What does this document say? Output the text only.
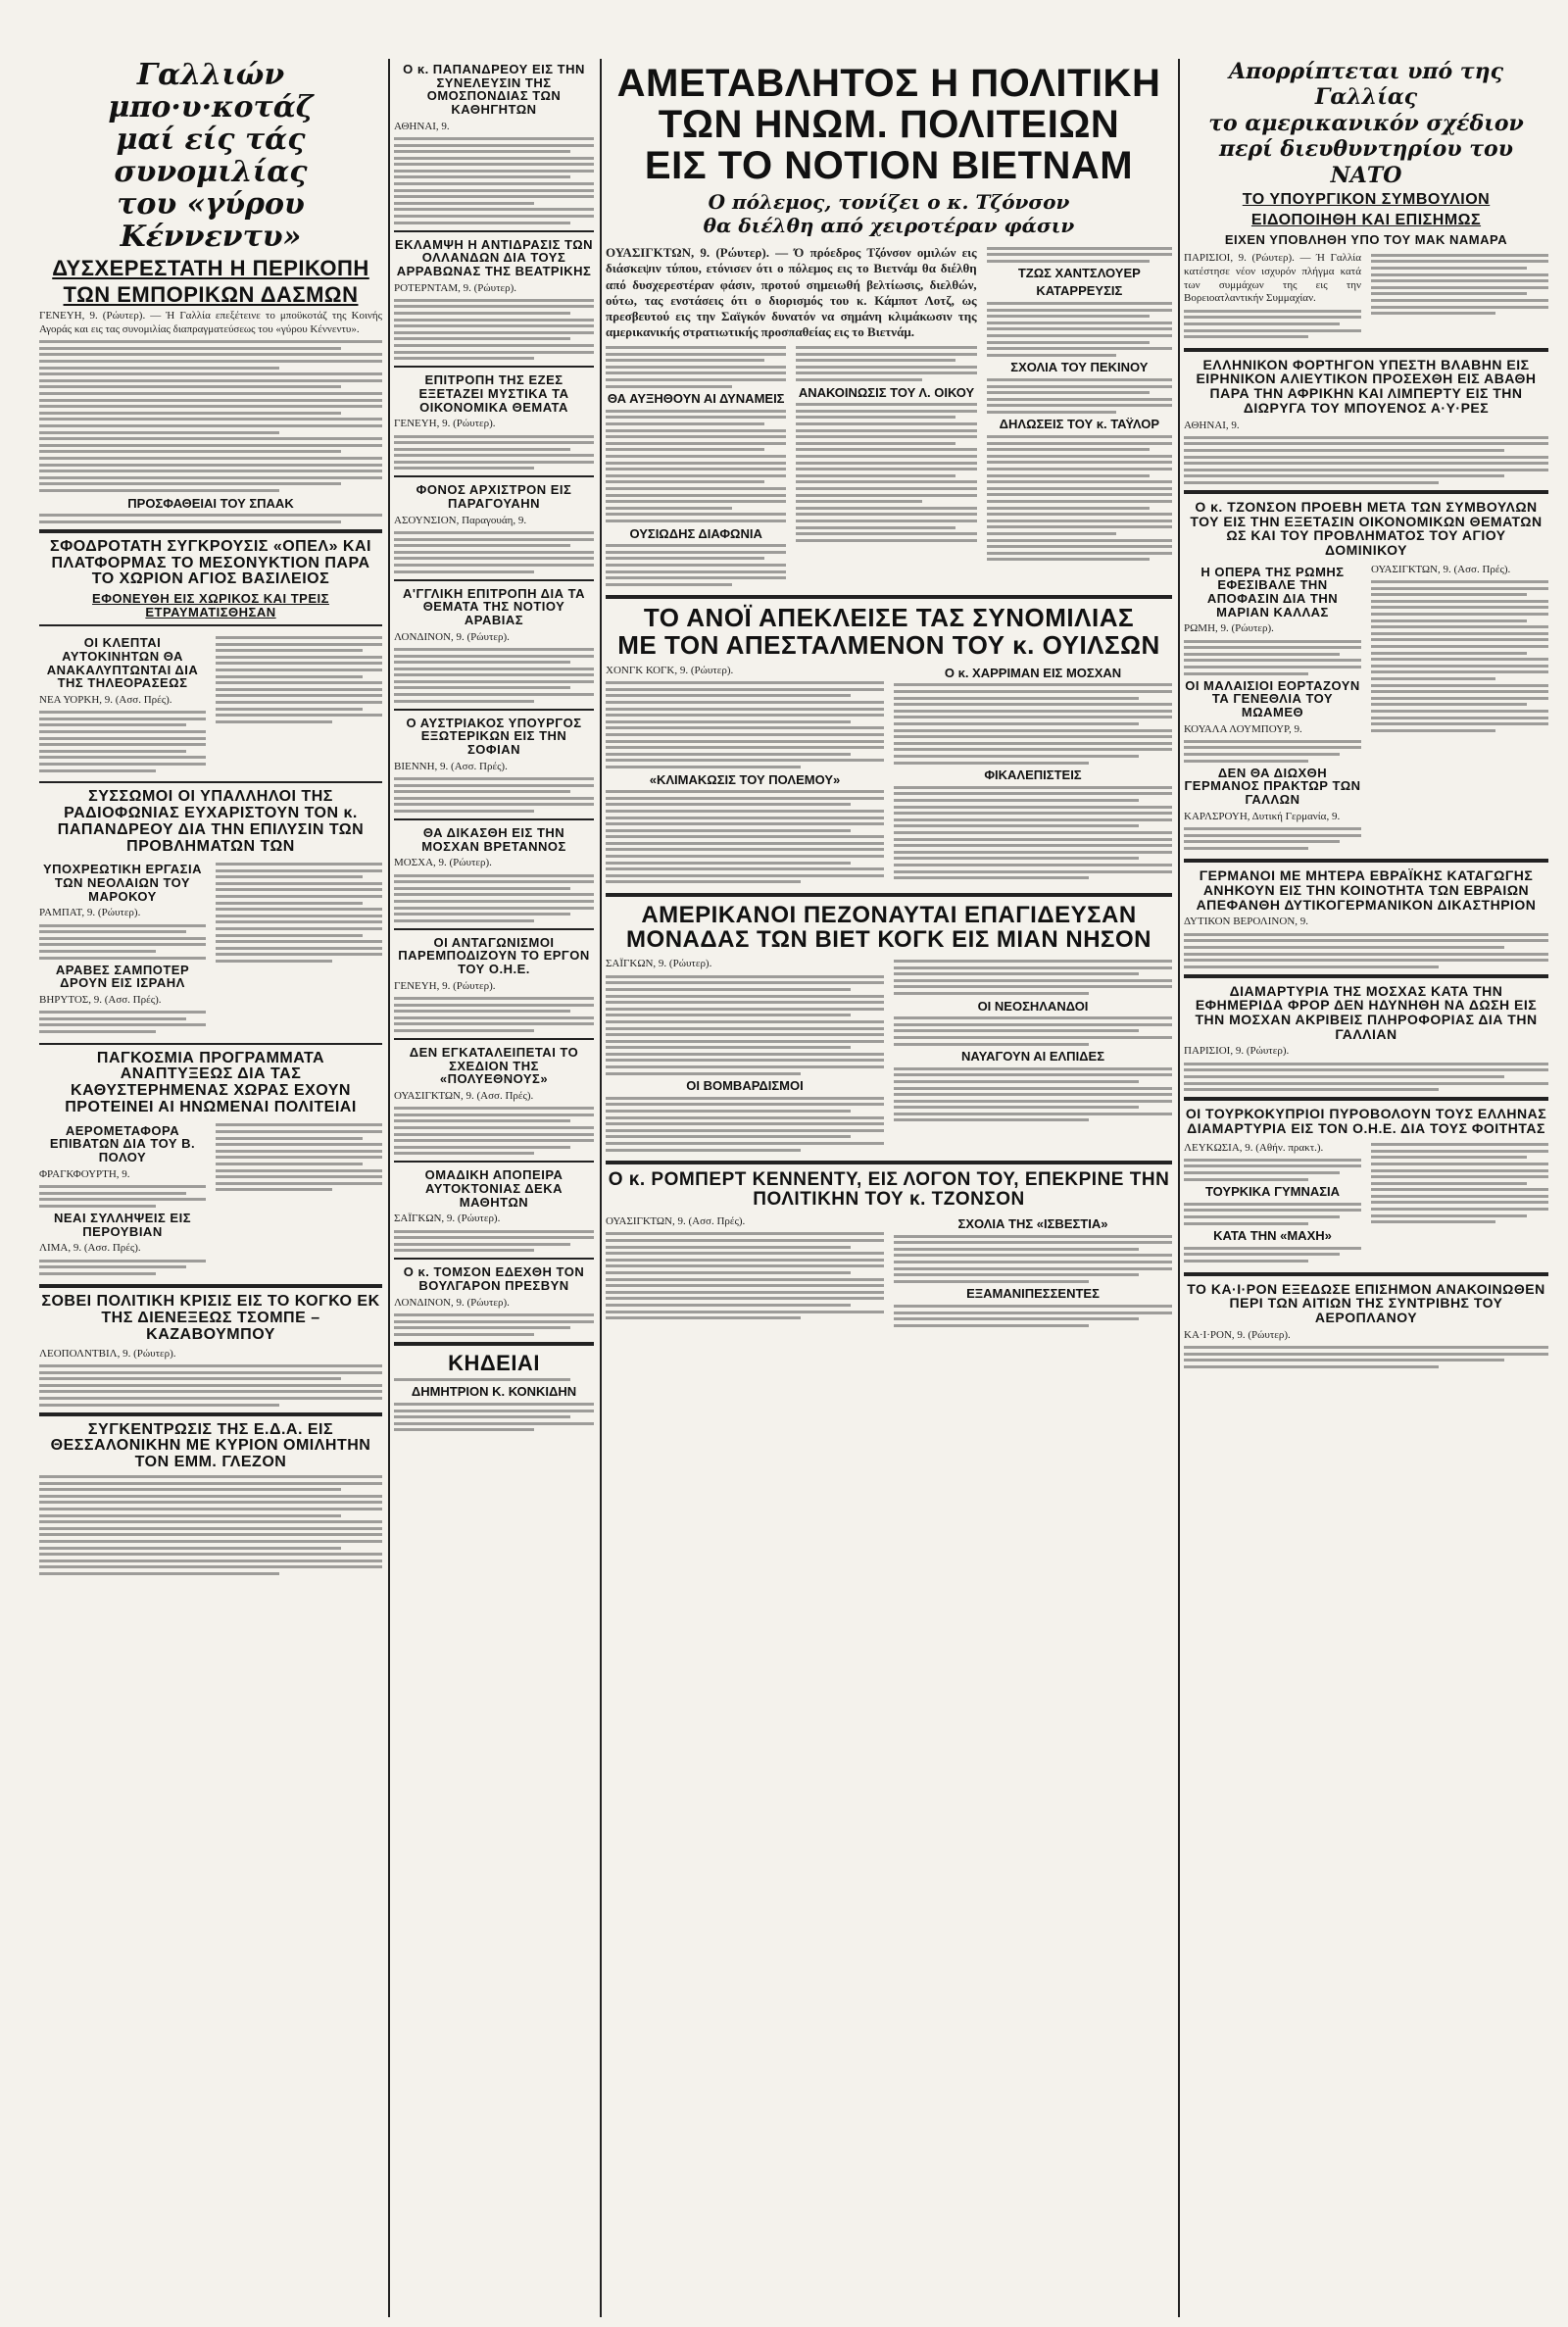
Γαλλιών μπο·υ·κοτάζ
μαί είς τάς συνομιλίας
του «γύρου Κέννεντυ»
ΔΥΣΧΕΡΕΣΤΑΤΗ Η ΠΕΡΙΚΟΠΗ
ΤΩΝ ΕΜΠΟΡΙΚΩΝ ΔΑΣΜΩΝ
ΓΕΝΕΥΗ, 9. (Ρώυτερ). — Ή Γαλλία επεξέτεινε το μποϋκοτάζ της Κοινής Αγοράς και εις τας συνομιλίας διαπραγματεύσεως του «γύρου Κέννεντυ».
ΠΡΟΣΦΑΘΕΙΑΙ ΤΟΥ ΣΠΑΑΚ
ΣΦΟΔΡΟΤΑΤΗ ΣΥΓΚΡΟΥΣΙΣ «ΟΠΕΛ» ΚΑΙ ΠΛΑΤΦΟΡΜΑΣ ΤΟ ΜΕΣΟΝΥΚΤΙΟΝ ΠΑΡΑ ΤΟ ΧΩΡΙΟΝ ΑΓΙΟΣ ΒΑΣΙΛΕΙΟΣ
ΕΦΟΝΕΥΘΗ ΕΙΣ ΧΩΡΙΚΟΣ ΚΑΙ ΤΡΕΙΣ ΕΤΡΑΥΜΑΤΙΣΘΗΣΑΝ
ΟΙ ΚΛΕΠΤΑΙ ΑΥΤΟΚΙΝΗΤΩΝ ΘΑ ΑΝΑΚΑΛΥΠΤΩΝΤΑΙ ΔΙΑ ΤΗΣ ΤΗΛΕΟΡΑΣΕΩΣ
ΝΕΑ ΥΟΡΚΗ, 9. (Ασσ. Πρές).
ΣΥΣΣΩΜΟΙ ΟΙ ΥΠΑΛΛΗΛΟΙ ΤΗΣ ΡΑΔΙΟΦΩΝΙΑΣ ΕΥΧΑΡΙΣΤΟΥΝ ΤΟΝ κ. ΠΑΠΑΝΔΡΕΟΥ ΔΙΑ ΤΗΝ ΕΠΙΛΥΣΙΝ ΤΩΝ ΠΡΟΒΛΗΜΑΤΩΝ ΤΩΝ
ΥΠΟΧΡΕΩΤΙΚΗ ΕΡΓΑΣΙΑ ΤΩΝ ΝΕΟΛΑΙΩΝ ΤΟΥ ΜΑΡΟΚΟΥ
ΡΑΜΠΑΤ, 9. (Ρώυτερ).
ΑΡΑΒΕΣ ΣΑΜΠΟΤΕΡ ΔΡΟΥΝ ΕΙΣ ΙΣΡΑΗΛ
ΒΗΡΥΤΟΣ, 9. (Ασσ. Πρές).
ΠΑΓΚΟΣΜΙΑ ΠΡΟΓΡΑΜΜΑΤΑ ΑΝΑΠΤΥΞΕΩΣ ΔΙΑ ΤΑΣ ΚΑΘΥΣΤΕΡΗΜΕΝΑΣ ΧΩΡΑΣ ΕΧΟΥΝ ΠΡΟΤΕΙΝΕΙ ΑΙ ΗΝΩΜΕΝΑΙ ΠΟΛΙΤΕΙΑΙ
ΑΕΡΟΜΕΤΑΦΟΡΑ ΕΠΙΒΑΤΩΝ ΔΙΑ ΤΟΥ Β. ΠΟΛΟΥ
ΦΡΑΓΚΦΟΥΡΤΗ, 9.
ΝΕΑΙ ΣΥΛΛΗΨΕΙΣ ΕΙΣ ΠΕΡΟΥΒΙΑΝ
ΛΙΜΑ, 9. (Ασσ. Πρές).
ΣΟΒΕΙ ΠΟΛΙΤΙΚΗ ΚΡΙΣΙΣ ΕΙΣ ΤΟ ΚΟΓΚΟ ΕΚ ΤΗΣ ΔΙΕΝΕΞΕΩΣ ΤΣΟΜΠΕ – ΚΑΖΑΒΟΥΜΠΟΥ
ΛΕΟΠΟΛΝΤΒΙΛ, 9. (Ρώυτερ).
ΣΥΓΚΕΝΤΡΩΣΙΣ ΤΗΣ Ε.Δ.Α. ΕΙΣ ΘΕΣΣΑΛΟΝΙΚΗΝ ΜΕ ΚΥΡΙΟΝ ΟΜΙΛΗΤΗΝ ΤΟΝ ΕΜΜ. ΓΛΕΖΟΝ
Ο κ. ΠΑΠΑΝΔΡΕΟΥ ΕΙΣ ΤΗΝ ΣΥΝΕΛΕΥΣΙΝ ΤΗΣ ΟΜΟΣΠΟΝΔΙΑΣ ΤΩΝ ΚΑΘΗΓΗΤΩΝ
ΑΘΗΝΑΙ, 9.
ΕΚΛΑΜΨΗ Η ΑΝΤΙΔΡΑΣΙΣ ΤΩΝ ΟΛΛΑΝΔΩΝ ΔΙΑ ΤΟΥΣ ΑΡΡΑΒΩΝΑΣ ΤΗΣ ΒΕΑΤΡΙΚΗΣ
ΡΟΤΕΡΝΤΑΜ, 9. (Ρώυτερ).
ΕΠΙΤΡΟΠΗ ΤΗΣ ΕΖΕΣ ΕΞΕΤΑΖΕΙ ΜΥΣΤΙΚΑ ΤΑ ΟΙΚΟΝΟΜΙΚΑ ΘΕΜΑΤΑ
ΓΕΝΕΥΗ, 9. (Ρώυτερ).
ΦΟΝΟΣ ΑΡΧΙΣΤΡΟΝ ΕΙΣ ΠΑΡΑΓΟΥΑΗΝ
ΑΣΟΥΝΣΙΟΝ, Παραγουάη, 9.
Α'ΓΓΛΙΚΗ ΕΠΙΤΡΟΠΗ ΔΙΑ ΤΑ ΘΕΜΑΤΑ ΤΗΣ ΝΟΤΙΟΥ ΑΡΑΒΙΑΣ
ΛΟΝΔΙΝΟΝ, 9. (Ρώυτερ).
Ο ΑΥΣΤΡΙΑΚΟΣ ΥΠΟΥΡΓΟΣ ΕΞΩΤΕΡΙΚΩΝ ΕΙΣ ΤΗΝ ΣΟΦΙΑΝ
ΒΙΕΝΝΗ, 9. (Ασσ. Πρές).
ΘΑ ΔΙΚΑΣΘΗ ΕΙΣ ΤΗΝ ΜΟΣΧΑΝ ΒΡΕΤΑΝΝΟΣ
ΜΟΣΧΑ, 9. (Ρώυτερ).
ΟΙ ΑΝΤΑΓΩΝΙΣΜΟΙ ΠΑΡΕΜΠΟΔΙΖΟΥΝ ΤΟ ΕΡΓΟΝ ΤΟΥ Ο.Η.Ε.
ΓΕΝΕΥΗ, 9. (Ρώυτερ).
ΔΕΝ ΕΓΚΑΤΑΛΕΙΠΕΤΑΙ ΤΟ ΣΧΕΔΙΟΝ ΤΗΣ «ΠΟΛΥΕΘΝΟΥΣ»
ΟΥΑΣΙΓΚΤΩΝ, 9. (Ασσ. Πρές).
ΟΜΑΔΙΚΗ ΑΠΟΠΕΙΡΑ ΑΥΤΟΚΤΟΝΙΑΣ ΔΕΚΑ ΜΑΘΗΤΩΝ
ΣΑΪΓΚΩΝ, 9. (Ρώυτερ).
Ο κ. ΤΟΜΣΟΝ ΕΔΕΧΘΗ ΤΟΝ ΒΟΥΛΓΑΡΟΝ ΠΡΕΣΒΥΝ
ΛΟΝΔΙΝΟΝ, 9. (Ρώυτερ).
ΚΗΔΕΙΑΙ
ΔΗΜΗΤΡΙΟΝ Κ. ΚΟΝΚΙΔΗΝ
ΑΜΕΤΑΒΛΗΤΟΣ Η ΠΟΛΙΤΙΚΗ
ΤΩΝ ΗΝΩΜ. ΠΟΛΙΤΕΙΩΝ
ΕΙΣ ΤΟ ΝΟΤΙΟΝ ΒΙΕΤΝΑΜ
Ο πόλεμος, τονίζει ο κ. Τζόνσον
θα διέλθη από χειροτέραν φάσιν
ΟΥΑΣΙΓΚΤΩΝ, 9. (Ρώυτερ). — Ό πρόεδρος Τζόνσον ομιλών εις διάσκεψιν τύπου, ετόνισεν ότι ο πόλεμος εις το Βιετνάμ θα διέλθη από δυσχερεστέραν φάσιν, προτού σημειωθή βελτίωσις, διελθών, ούτω, τας ενστάσεις ότι ο διορισμός του κ. Κάμποτ Λοτζ, ως πρεσβευτού εις την Σαϊγκόν δυνατόν να σημάνη κλιμάκωσιν της αμερικανικής στρατιωτικής προσπαθείας εις το Βιετνάμ.
ΘΑ ΑΥΞΗΘΟΥΝ ΑΙ ΔΥΝΑΜΕΙΣ
ΟΥΣΙΩΔΗΣ ΔΙΑΦΩΝΙΑ
ΑΝΑΚΟΙΝΩΣΙΣ ΤΟΥ Λ. ΟΙΚΟΥ
ΤΖΩΣ ΧΑΝΤΣΛΟΥΕΡ
ΚΑΤΑΡΡΕΥΣΙΣ
ΣΧΟΛΙΑ ΤΟΥ ΠΕΚΙΝΟΥ
ΔΗΛΩΣΕΙΣ ΤΟΥ κ. ΤΑΫΛΟΡ
ΤΟ ΑΝΟΪ ΑΠΕΚΛΕΙΣΕ ΤΑΣ ΣΥΝΟΜΙΛΙΑΣ
ΜΕ ΤΟΝ ΑΠΕΣΤΑΛΜΕΝΟΝ ΤΟΥ κ. ΟΥΙΛΣΩΝ
ΧΟΝΓΚ ΚΟΓΚ, 9. (Ρώυτερ).
«ΚΛΙΜΑΚΩΣΙΣ ΤΟΥ ΠΟΛΕΜΟΥ»
Ο κ. ΧΑΡΡΙΜΑΝ ΕΙΣ ΜΟΣΧΑΝ
ΦΙΚΑΛΕΠΙΣΤΕΙΣ
ΑΜΕΡΙΚΑΝΟΙ ΠΕΖΟΝΑΥΤΑΙ ΕΠΑΓΙΔΕΥΣΑΝ
ΜΟΝΑΔΑΣ ΤΩΝ ΒΙΕΤ ΚΟΓΚ ΕΙΣ ΜΙΑΝ ΝΗΣΟΝ
ΣΑΪΓΚΩΝ, 9. (Ρώυτερ).
ΟΙ ΒΟΜΒΑΡΔΙΣΜΟΙ
ΟΙ ΝΕΟΣΗΛΑΝΔΟΙ
ΝΑΥΑΓΟΥΝ ΑΙ ΕΛΠΙΔΕΣ
Ο κ. ΡΟΜΠΕΡΤ ΚΕΝΝΕΝΤΥ, ΕΙΣ ΛΟΓΟΝ ΤΟΥ, ΕΠΕΚΡΙΝΕ ΤΗΝ ΠΟΛΙΤΙΚΗΝ ΤΟΥ κ. ΤΖΟΝΣΟΝ
ΟΥΑΣΙΓΚΤΩΝ, 9. (Ασσ. Πρές).	ΣΧΟΛΙΑ ΤΗΣ «ΙΣΒΕΣΤΙΑ»
ΕΞΑΜΑΝΙΠΕΣΣΕΝΤΕΣ
Απορρίπτεται υπό της Γαλλίας
το αμερικανικόν σχέδιον
περί διευθυντηρίου του ΝΑΤΟ
ΤΟ ΥΠΟΥΡΓΙΚΟΝ ΣΥΜΒΟΥΛΙΟΝ
ΕΙΔΟΠΟΙΗΘΗ ΚΑΙ ΕΠΙΣΗΜΩΣ
ΕΙΧΕΝ ΥΠΟΒΛΗΘΗ ΥΠΟ ΤΟΥ ΜΑΚ ΝΑΜΑΡΑ
ΠΑΡΙΣΙΟΙ, 9. (Ρώυτερ). — Ή Γαλλία κατέστησε νέον ισχυρόν πλήγμα κατά των συμμάχων της εις την Βορειοατλαντικήν Συμμαχίαν.
ΕΛΛΗΝΙΚΟΝ ΦΟΡΤΗΓΟΝ ΥΠΕΣΤΗ ΒΛΑΒΗΝ ΕΙΣ ΕΙΡΗΝΙΚΟΝ ΑΛΙΕΥΤΙΚΟΝ ΠΡΟΣΕΧΘΗ ΕΙΣ ΑΒΑΘΗ ΠΑΡΑ ΤΗΝ ΑΦΡΙΚΗΝ ΚΑΙ ΛΙΜΠΕΡΤΥ ΕΙΣ ΤΗΝ ΔΙΩΡΥΓΑ ΤΟΥ ΜΠΟΥΕΝΟΣ Α·Υ·ΡΕΣ
ΑΘΗΝΑΙ, 9.
Ο κ. ΤΖΟΝΣΟΝ ΠΡΟΕΒΗ ΜΕΤΑ ΤΩΝ ΣΥΜΒΟΥΛΩΝ ΤΟΥ ΕΙΣ ΤΗΝ ΕΞΕΤΑΣΙΝ ΟΙΚΟΝΟΜΙΚΩΝ ΘΕΜΑΤΩΝ ΩΣ ΚΑΙ ΤΟΥ ΠΡΟΒΛΗΜΑΤΟΣ ΤΟΥ ΑΓΙΟΥ ΔΟΜΙΝΙΚΟΥ
Η ΟΠΕΡΑ ΤΗΣ ΡΩΜΗΣ ΕΦΕΣΙΒΑΛΕ ΤΗΝ ΑΠΟΦΑΣΙΝ ΔΙΑ ΤΗΝ ΜΑΡΙΑΝ ΚΑΛΛΑΣ
ΡΩΜΗ, 9. (Ρώυτερ).
ΟΙ ΜΑΛΑΙΣΙΟΙ ΕΟΡΤΑΖΟΥΝ ΤΑ ΓΕΝΕΘΛΙΑ ΤΟΥ ΜΩΑΜΕΘ
ΚΟΥΑΛΑ ΛΟΥΜΠΟΥΡ, 9.
ΔΕΝ ΘΑ ΔΙΩΧΘΗ ΓΕΡΜΑΝΟΣ ΠΡΑΚΤΩΡ ΤΩΝ ΓΑΛΛΩΝ
ΚΑΡΛΣΡΟΥΗ, Δυτική Γερμανία, 9.
ΟΥΑΣΙΓΚΤΩΝ, 9. (Ασσ. Πρές).
ΓΕΡΜΑΝΟΙ ΜΕ ΜΗΤΕΡΑ ΕΒΡΑΪΚΗΣ ΚΑΤΑΓΩΓΗΣ ΑΝΗΚΟΥΝ ΕΙΣ ΤΗΝ ΚΟΙΝΟΤΗΤΑ ΤΩΝ ΕΒΡΑΙΩΝ ΑΠΕΦΑΝΘΗ ΔΥΤΙΚΟΓΕΡΜΑΝΙΚΟΝ ΔΙΚΑΣΤΗΡΙΟΝ
ΔΥΤΙΚΟΝ ΒΕΡΟΛΙΝΟΝ, 9.
ΔΙΑΜΑΡΤΥΡΙΑ ΤΗΣ ΜΟΣΧΑΣ ΚΑΤΑ ΤΗΝ ΕΦΗΜΕΡΙΔΑ ΦΡΟΡ ΔΕΝ ΗΔΥΝΗΘΗ ΝΑ ΔΩΣΗ ΕΙΣ ΤΗΝ ΜΟΣΧΑΝ ΑΚΡΙΒΕΙΣ ΠΛΗΡΟΦΟΡΙΑΣ ΔΙΑ ΤΗΝ ΓΑΛΛΙΑΝ
ΠΑΡΙΣΙΟΙ, 9. (Ρώυτερ).
ΟΙ ΤΟΥΡΚΟΚΥΠΡΙΟΙ ΠΥΡΟΒΟΛΟΥΝ ΤΟΥΣ ΕΛΛΗΝΑΣ ΔΙΑΜΑΡΤΥΡΙΑ ΕΙΣ ΤΟΝ Ο.Η.Ε. ΔΙΑ ΤΟΥΣ ΦΟΙΤΗΤΑΣ
ΛΕΥΚΩΣΙΑ, 9. (Αθήν. πρακτ.).
ΤΟΥΡΚΙΚΑ ΓΥΜΝΑΣΙΑ
ΚΑΤΑ ΤΗΝ «ΜΑΧΗ»
ΤΟ ΚΑ·Ι·ΡΟΝ ΕΞΕΔΩΣΕ ΕΠΙΣΗΜΟΝ ΑΝΑΚΟΙΝΩΘΕΝ ΠΕΡΙ ΤΩΝ ΑΙΤΙΩΝ ΤΗΣ ΣΥΝΤΡΙΒΗΣ ΤΟΥ ΑΕΡΟΠΛΑΝΟΥ
ΚΑ·Ι·ΡΟΝ, 9. (Ρώυτερ).
